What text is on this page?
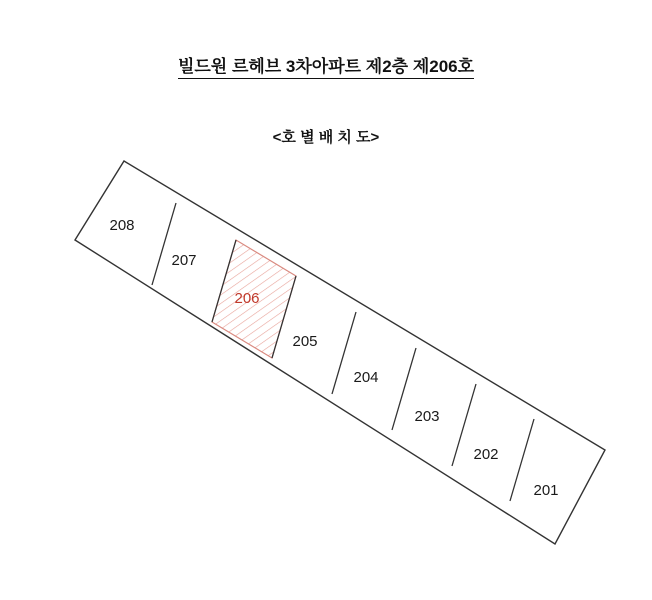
빌드원 르헤브 3차아파트 제2층 제206호
<호 별 배 치 도>
208
207
206
205
204
203
202
201
